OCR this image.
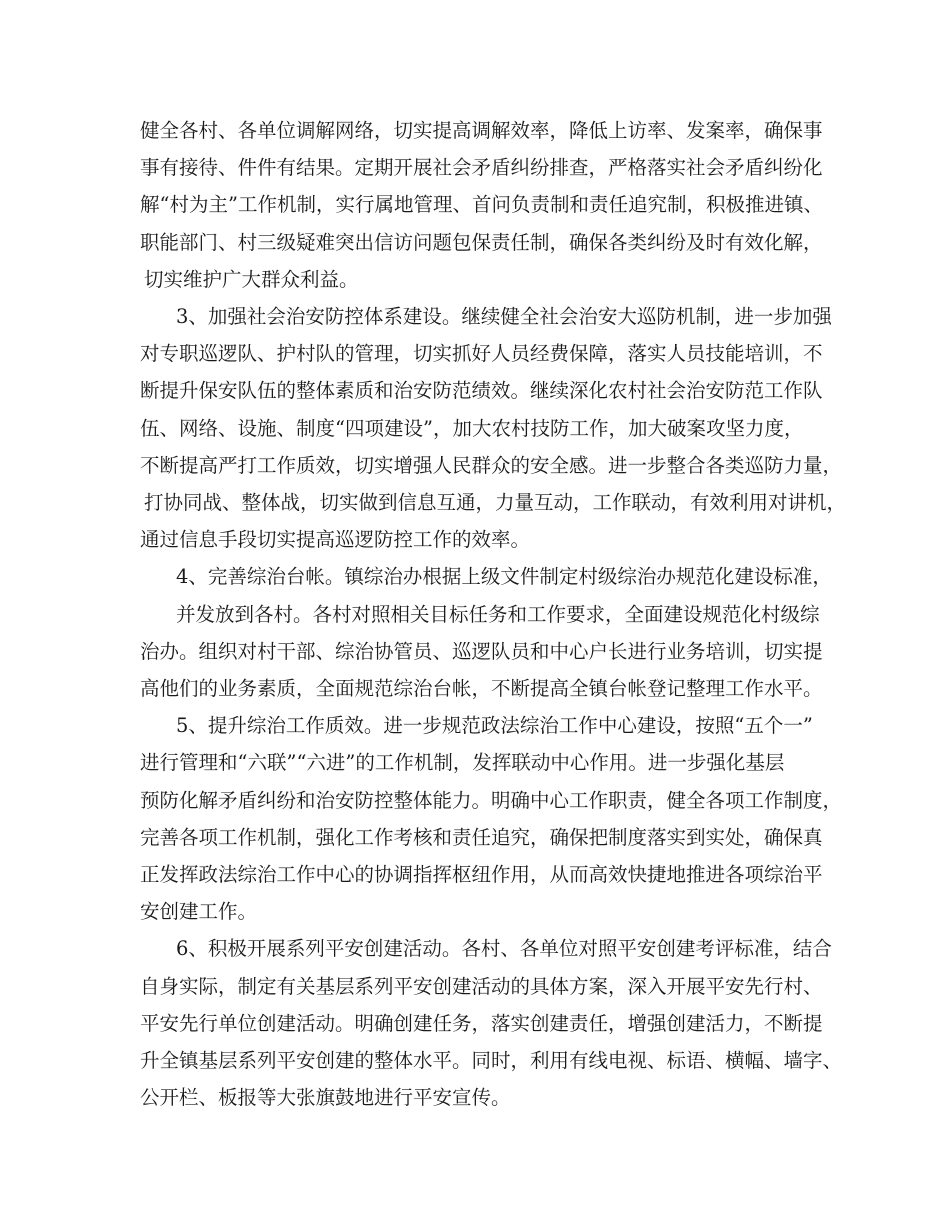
健全各村、各单位调解网络，切实提高调解效率，降低上访率、发案率，确保事
事有接待、件件有结果。定期开展社会矛盾纠纷排查，严格落实社会矛盾纠纷化
解“村为主”工作机制，实行属地管理、首问负责制和责任追究制，积极推进镇、
职能部门、村三级疑难突出信访问题包保责任制，确保各类纠纷及时有效化解，
切实维护广大群众利益。
3、加强社会治安防控体系建设。继续健全社会治安大巡防机制，进一步加强
对专职巡逻队、护村队的管理，切实抓好人员经费保障，落实人员技能培训，不
断提升保安队伍的整体素质和治安防范绩效。继续深化农村社会治安防范工作队
伍、网络、设施、制度“四项建设”，加大农村技防工作，加大破案攻坚力度，
不断提高严打工作质效，切实增强人民群众的安全感。进一步整合各类巡防力量，
打协同战、整体战，切实做到信息互通，力量互动，工作联动，有效利用对讲机，
通过信息手段切实提高巡逻防控工作的效率。
4、完善综治台帐。镇综治办根据上级文件制定村级综治办规范化建设标准，
并发放到各村。各村对照相关目标任务和工作要求，全面建设规范化村级综
治办。组织对村干部、综治协管员、巡逻队员和中心户长进行业务培训，切实提
高他们的业务素质，全面规范综治台帐，不断提高全镇台帐登记整理工作水平。
5、提升综治工作质效。进一步规范政法综治工作中心建设，按照“五个一”
进行管理和“六联”“六进”的工作机制，发挥联动中心作用。进一步强化基层
预防化解矛盾纠纷和治安防控整体能力。明确中心工作职责，健全各项工作制度，
完善各项工作机制，强化工作考核和责任追究，确保把制度落实到实处，确保真
正发挥政法综治工作中心的协调指挥枢纽作用，从而高效快捷地推进各项综治平
安创建工作。
6、积极开展系列平安创建活动。各村、各单位对照平安创建考评标准，结合
自身实际，制定有关基层系列平安创建活动的具体方案，深入开展平安先行村、
平安先行单位创建活动。明确创建任务，落实创建责任，增强创建活力，不断提
升全镇基层系列平安创建的整体水平。同时，利用有线电视、标语、横幅、墙字、
公开栏、板报等大张旗鼓地进行平安宣传。
